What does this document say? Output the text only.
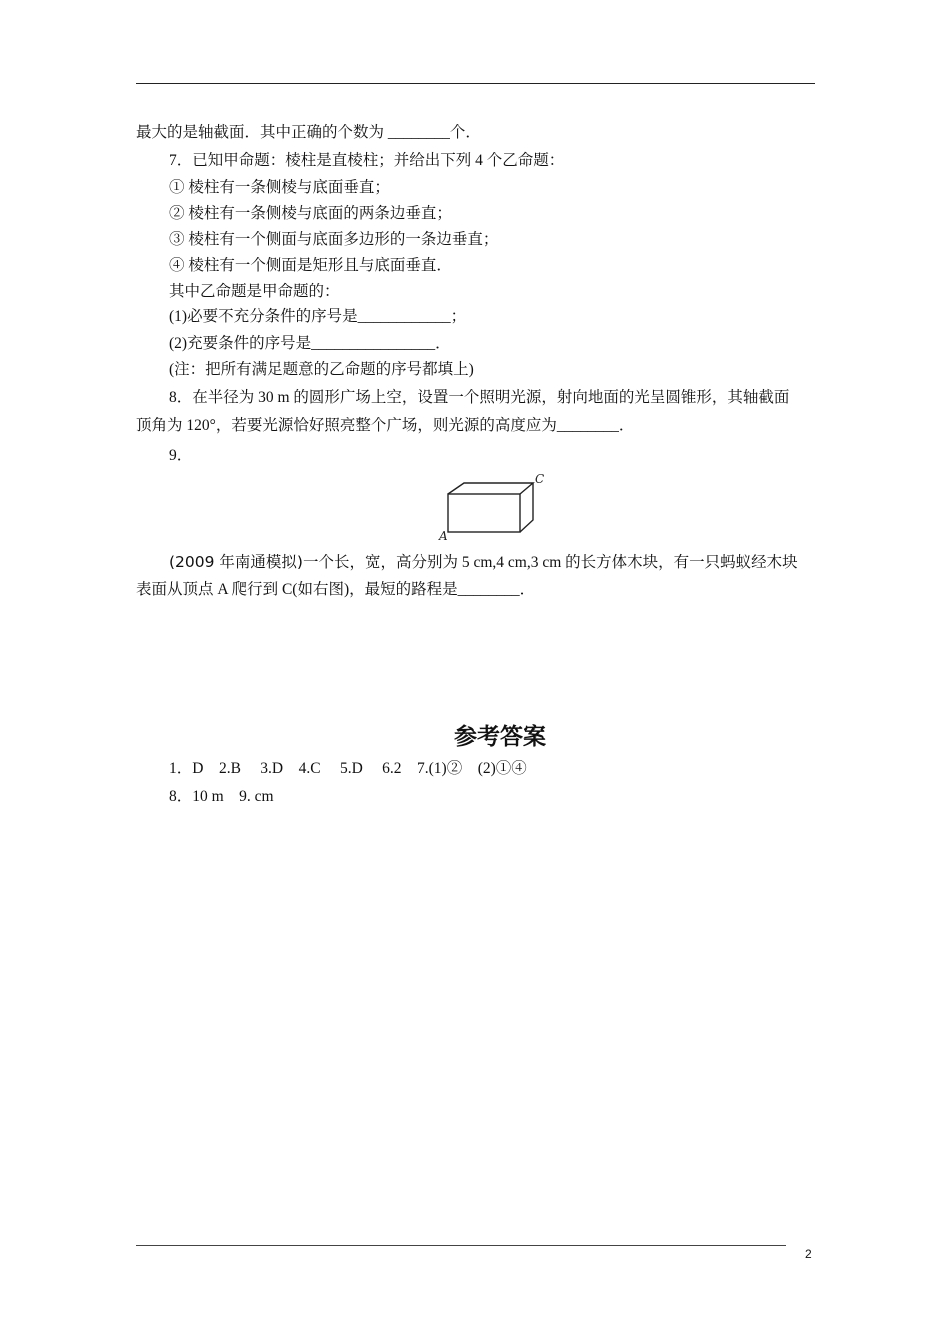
最大的是轴截面．其中正确的个数为 ________个．
7．已知甲命题：棱柱是直棱柱；并给出下列 4 个乙命题：
① 棱柱有一条侧棱与底面垂直；
② 棱柱有一条侧棱与底面的两条边垂直；
③ 棱柱有一个侧面与底面多边形的一条边垂直；
④ 棱柱有一个侧面是矩形且与底面垂直．
其中乙命题是甲命题的：
(1)必要不充分条件的序号是____________；
(2)充要条件的序号是________________．
(注：把所有满足题意的乙命题的序号都填上)
8．在半径为 30 m 的圆形广场上空，设置一个照明光源，射向地面的光呈圆锥形，其轴截面
顶角为 120°，若要光源恰好照亮整个广场，则光源的高度应为________．
9．
A
C
(2009 年南通模拟)一个长，宽，高分别为 5 cm,4 cm,3 cm 的长方体木块，有一只蚂蚁经木块
表面从顶点 A 爬行到 C(如右图)，最短的路程是________．
参考答案
1．D　2.B　 3.D　4.C　 5.D　 6.2　7.(1)②　(2)①④
8．10 m　9. cm
2
